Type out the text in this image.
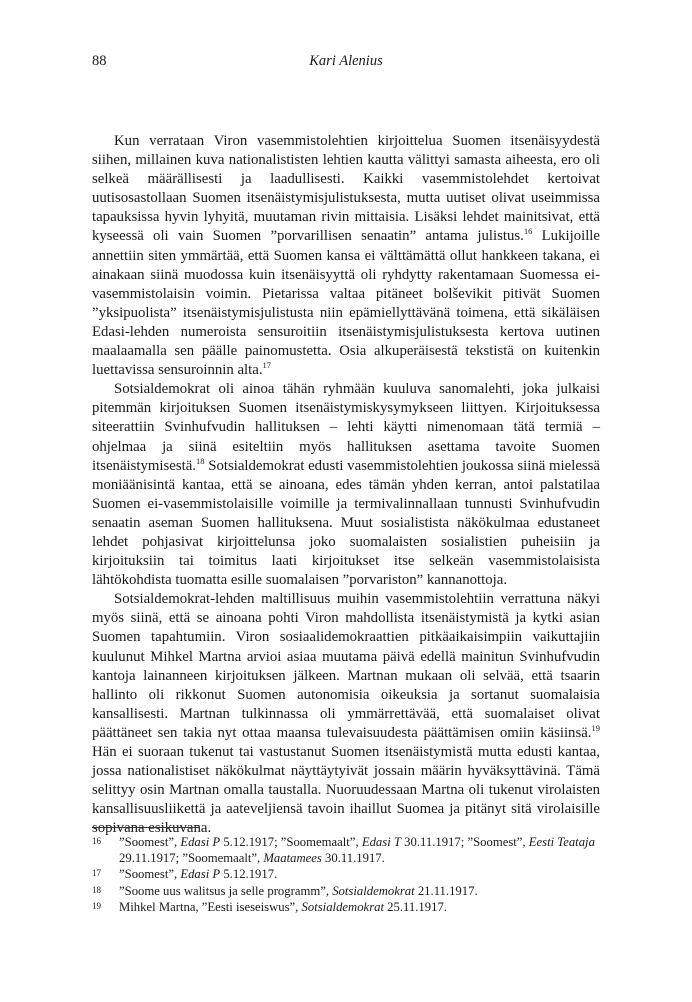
88	Kari Alenius

Kun verrataan Viron vasemmistolehtien kirjoittelua Suomen itsenäisyydestä siihen, millainen kuva nationalististen lehtien kautta välittyi samasta aiheesta, ero oli selkeä määrällisesti ja laadullisesti. Kaikki vasemmistolehdet kertoivat uutisosastollaan Suomen itsenäistymisjulistuksesta, mutta uutiset olivat useimmissa tapauksissa hyvin lyhyitä, muutaman rivin mittaisia. Lisäksi lehdet mainitsivat, että kyseessä oli vain Suomen ”porvarillisen senaatin” antama julistus.$^{16}$ Lukijoille annettiin siten ymmärtää, että Suomen kansa ei välttämättä ollut hankkeen takana, ei ainakaan siinä muodossa kuin itsenäisyyttä oli ryhdytty rakentamaan Suomessa ei-vasemmistolaisin voimin. Pietarissa valtaa pitäneet bolševikit pitivät Suomen ”yksipuolista” itsenäistymisjulistusta niin epämiellyttävänä toimena, että sikäläisen Edasi-lehden numeroista sensuroitiin itsenäistymisjulistuksesta kertova uutinen maalaamalla sen päälle painomustetta. Osia alkuperäisestä tekstistä on kuitenkin luettavissa sensuroinnin alta.$^{17}$

Sotsialdemokrat oli ainoa tähän ryhmään kuuluva sanomalehti, joka julkaisi pitemmän kirjoituksen Suomen itsenäistymiskysymykseen liittyen. Kirjoituksessa siteerattiin Svinhufvudin hallituksen – lehti käytti nimenomaan tätä termiä – ohjelmaa ja siinä esiteltiin myös hallituksen asettama tavoite Suomen itsenäistymisestä.$^{18}$ Sotsialdemokrat edusti vasemmistolehtien joukossa siinä mielessä moniäänisintä kantaa, että se ainoana, edes tämän yhden kerran, antoi palstatilaa Suomen ei-vasemmistolaisille voimille ja termivalinnallaan tunnusti Svinhufvudin senaatin aseman Suomen hallituksena. Muut sosialistista näkökulmaa edustaneet lehdet pohjasivat kirjoittelunsa joko suomalaisten sosialistien puheisiin ja kirjoituksiin tai toimitus laati kirjoitukset itse selkeän vasemmistolaisista lähtökohdista tuomatta esille suomalaisen ”porvariston” kannanottoja.

Sotsialdemokrat-lehden maltillisuus muihin vasemmistolehtiin verrattuna näkyi myös siinä, että se ainoana pohti Viron mahdollista itsenäistymistä ja kytki asian Suomen tapahtumiin. Viron sosiaalidemokraattien pitkäaikaisimpiin vaikuttajiin kuulunut Mihkel Martna arvioi asiaa muutama päivä edellä mainitun Svinhufvudin kantoja lainanneen kirjoituksen jälkeen. Martnan mukaan oli selvää, että tsaarin hallinto oli rikkonut Suomen autonomisia oikeuksia ja sortanut suomalaisia kansallisesti. Martnan tulkinnassa oli ymmärrettävää, että suomalaiset olivat päättäneet sen takia nyt ottaa maansa tulevaisuudesta päättämisen omiin käsiinsä.$^{19}$ Hän ei suoraan tukenut tai vastustanut Suomen itsenäistymistä mutta edusti kantaa, jossa nationalistiset näkökulmat näyttäytyivät jossain määrin hyväksyttävinä. Tämä selittyy osin Martnan omalla taustalla. Nuoruudessaan Martna oli tukenut virolaisten kansallisuusliikettä ja aateveljiensä tavoin ihaillut Suomea ja pitänyt sitä virolaisille sopivana esikuvana.

16	”Soomest”, Edasi P 5.12.1917; ”Soomemaalt”, Edasi T 30.11.1917; ”Soomest”, Eesti Teataja 29.11.1917; ”Soomemaalt”, Maatamees 30.11.1917.
17	”Soomest”, Edasi P 5.12.1917.
18	”Soome uus walitsus ja selle programm”, Sotsialdemokrat 21.11.1917.
19	Mihkel Martna, ”Eesti iseseiswus”, Sotsialdemokrat 25.11.1917.
